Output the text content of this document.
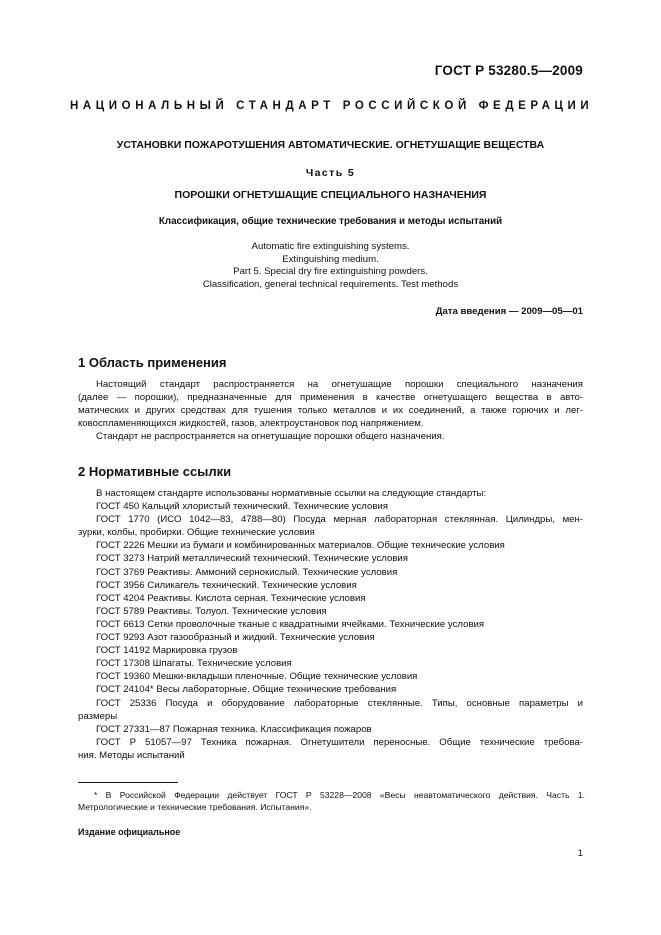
ГОСТ Р 53280.5—2009
НАЦИОНАЛЬНЫЙ СТАНДАРТ РОССИЙСКОЙ ФЕДЕРАЦИИ
УСТАНОВКИ ПОЖАРОТУШЕНИЯ АВТОМАТИЧЕСКИЕ. ОГНЕТУШАЩИЕ ВЕЩЕСТВА
Часть 5
ПОРОШКИ ОГНЕТУШАЩИЕ СПЕЦИАЛЬНОГО НАЗНАЧЕНИЯ
Классификация, общие технические требования и методы испытаний
Automatic fire extinguishing systems.
Extinguishing medium.
Part 5. Special dry fire extinguishing powders.
Classification, general technical requirements. Test methods
Дата введения — 2009—05—01
1 Область применения
Настоящий стандарт распространяется на огнетушащие порошки специального назначения
(далее — порошки), предназначенные для применения в качестве огнетушащего вещества в авто-
матических и других средствах для тушения только металлов и их соединений, а также горючих и лег-
ковоспламеняющихся жидкостей, газов, электроустановок под напряжением.
Стандарт не распространяется на огнетушащие порошки общего назначения.
2 Нормативные ссылки
В настоящем стандарте использованы нормативные ссылки на следующие стандарты:
ГОСТ 450 Кальций хлористый технический. Технические условия
ГОСТ 1770 (ИСО 1042—83, 4788—80) Посуда мерная лабораторная стеклянная. Цилиндры, мен-
зурки, колбы, пробирки. Общие технические условия
ГОСТ 2226 Мешки из бумаги и комбинированных материалов. Общие технические условия
ГОСТ 3273 Натрий металлический технический. Технические условия
ГОСТ 3769 Реактивы. Аммоний сернокислый. Технические условия
ГОСТ 3956 Силикагель технический. Технические условия
ГОСТ 4204 Реактивы. Кислота серная. Технические условия
ГОСТ 5789 Реактивы. Толуол. Технические условия
ГОСТ 6613 Сетки проволочные тканые с квадратными ячейками. Технические условия
ГОСТ 9293 Азот газообразный и жидкий. Технические условия
ГОСТ 14192 Маркировка грузов
ГОСТ 17308 Шпагаты. Технические условия
ГОСТ 19360 Мешки-вкладыши пленочные. Общие технические условия
ГОСТ 24104* Весы лабораторные. Общие технические требования
ГОСТ 25336 Посуда и оборудование лабораторные стеклянные. Типы, основные параметры и
размеры
ГОСТ 27331—87 Пожарная техника. Классификация пожаров
ГОСТ Р 51057—97 Техника пожарная. Огнетушители переносные. Общие технические требова-
ния. Методы испытаний
* В Российской Федерации действует ГОСТ Р 53228—2008 «Весы неавтоматического действия. Часть 1.
Метрологические и технические требования. Испытания».
Издание официальное
1
